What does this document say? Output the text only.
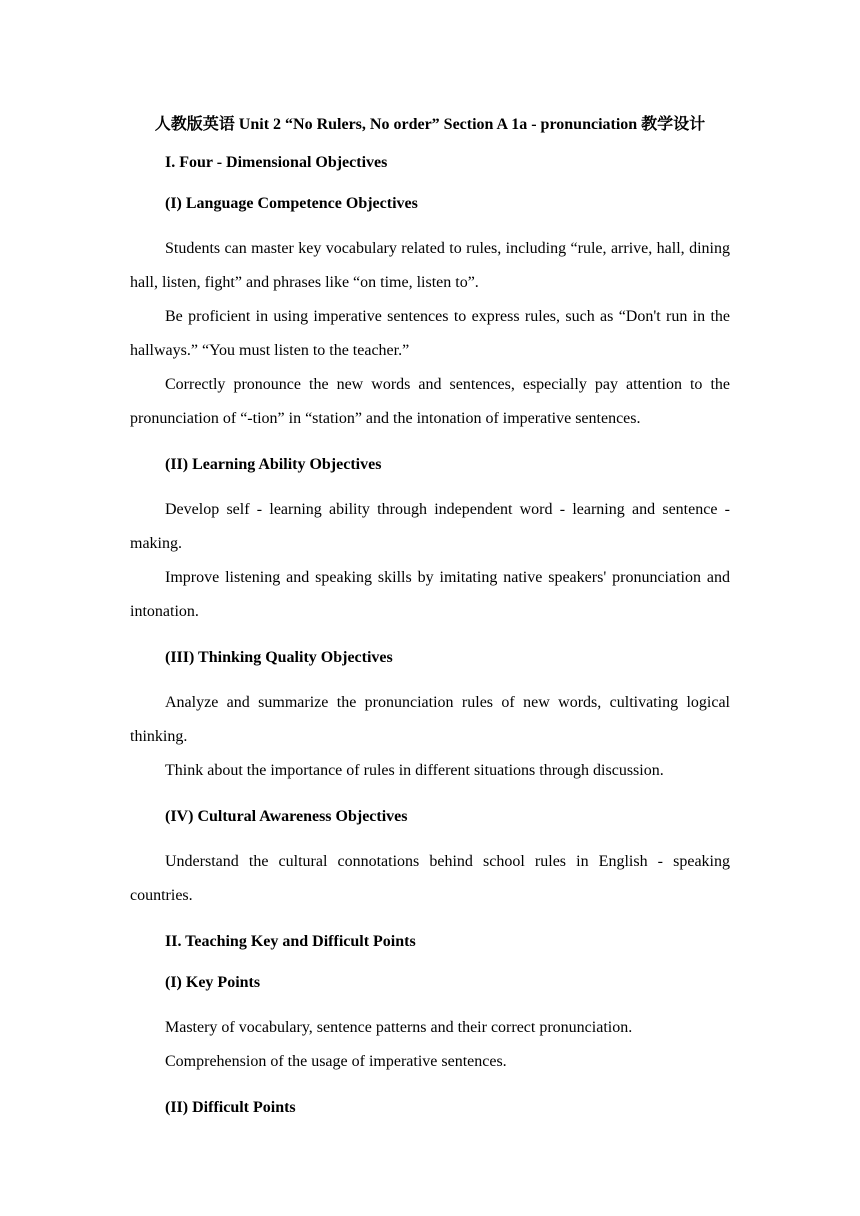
人教版英语 Unit 2 “No Rulers, No order” Section A 1a - pronunciation 教学设计

I. Four - Dimensional Objectives

(I) Language Competence Objectives

Students can master key vocabulary related to rules, including “rule, arrive, hall, dining hall, listen, fight” and phrases like “on time, listen to”.

Be proficient in using imperative sentences to express rules, such as “Don't run in the hallways.” “You must listen to the teacher.”

Correctly pronounce the new words and sentences, especially pay attention to the pronunciation of “-tion” in “station” and the intonation of imperative sentences.

(II) Learning Ability Objectives

Develop self - learning ability through independent word - learning and sentence - making.

Improve listening and speaking skills by imitating native speakers' pronunciation and intonation.

(III) Thinking Quality Objectives

Analyze and summarize the pronunciation rules of new words, cultivating logical thinking.

Think about the importance of rules in different situations through discussion.

(IV) Cultural Awareness Objectives

Understand the cultural connotations behind school rules in English - speaking countries.

II. Teaching Key and Difficult Points

(I) Key Points

Mastery of vocabulary, sentence patterns and their correct pronunciation.

Comprehension of the usage of imperative sentences.

(II) Difficult Points
